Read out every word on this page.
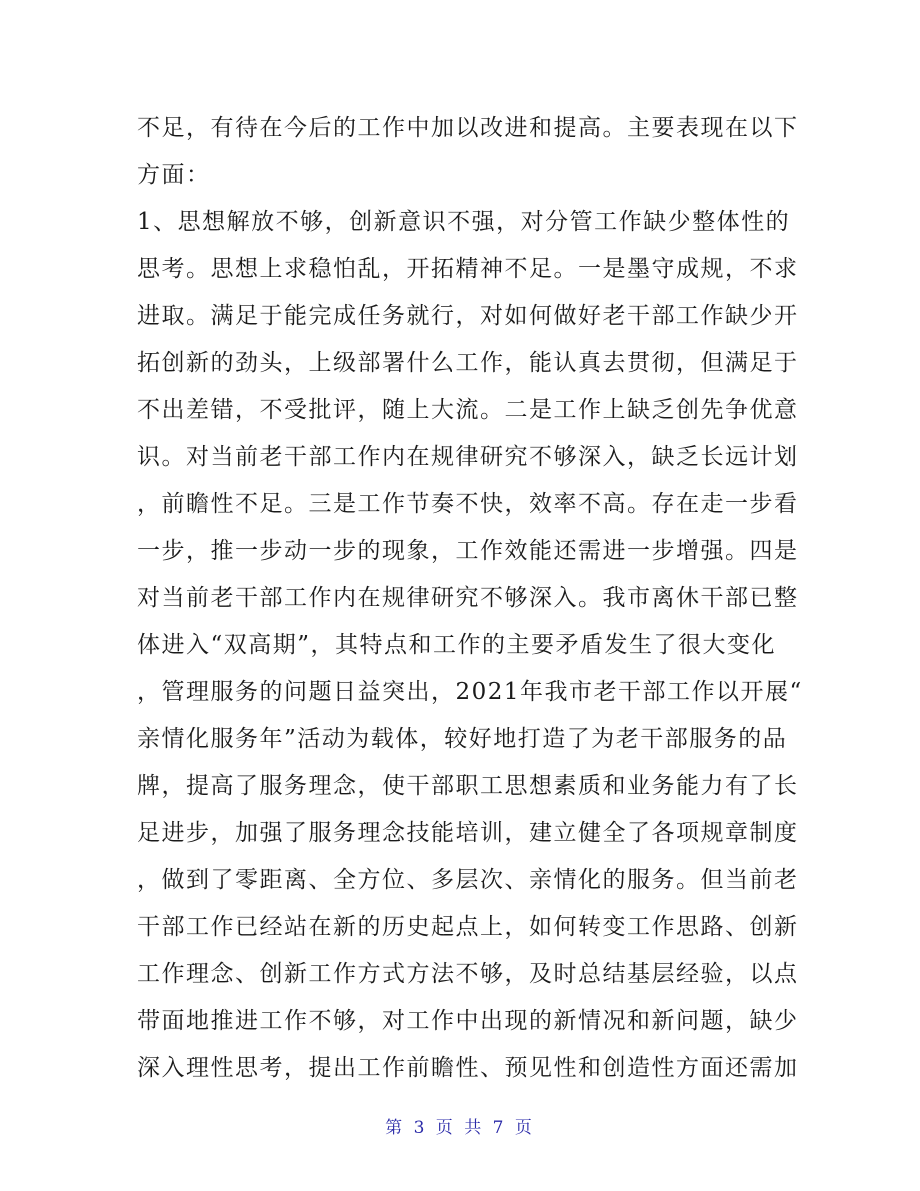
不足，有待在今后的工作中加以改进和提高。主要表现在以下
方面：
1、思想解放不够，创新意识不强，对分管工作缺少整体性的
思考。思想上求稳怕乱，开拓精神不足。一是墨守成规，不求
进取。满足于能完成任务就行，对如何做好老干部工作缺少开
拓创新的劲头，上级部署什么工作，能认真去贯彻，但满足于
不出差错，不受批评，随上大流。二是工作上缺乏创先争优意
识。对当前老干部工作内在规律研究不够深入，缺乏长远计划
，前瞻性不足。三是工作节奏不快，效率不高。存在走一步看
一步，推一步动一步的现象，工作效能还需进一步增强。四是
对当前老干部工作内在规律研究不够深入。我市离休干部已整
体进入“双高期”，其特点和工作的主要矛盾发生了很大变化
，管理服务的问题日益突出，2021年我市老干部工作以开展“
亲情化服务年”活动为载体，较好地打造了为老干部服务的品
牌，提高了服务理念，使干部职工思想素质和业务能力有了长
足进步，加强了服务理念技能培训，建立健全了各项规章制度
，做到了零距离、全方位、多层次、亲情化的服务。但当前老
干部工作已经站在新的历史起点上，如何转变工作思路、创新
工作理念、创新工作方式方法不够，及时总结基层经验，以点
带面地推进工作不够，对工作中出现的新情况和新问题，缺少
深入理性思考，提出工作前瞻性、预见性和创造性方面还需加
第 3 页 共 7 页
